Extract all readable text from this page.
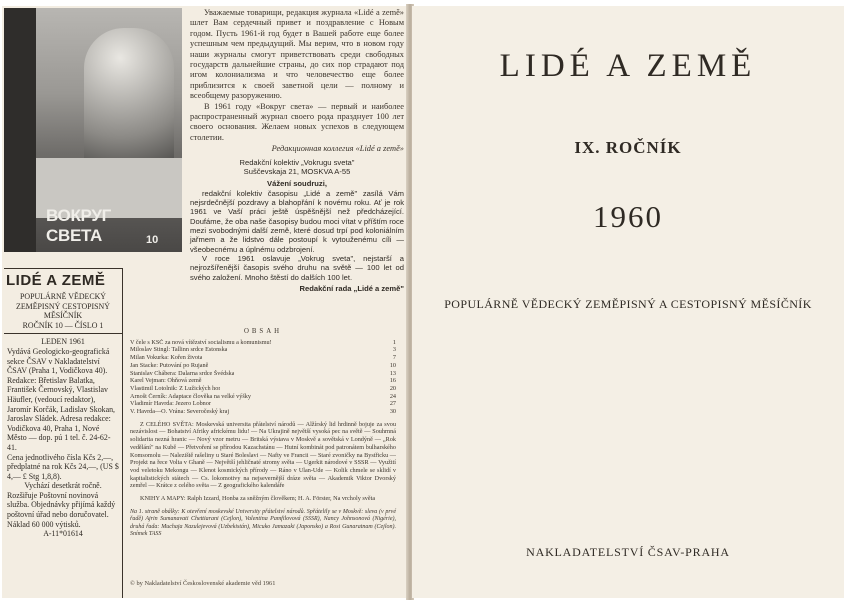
ВОКРУГ СВЕТА	10

Уважаемые товарищи, редакция журнала «Lidé a země» шлет Вам сердечный привет и поздравление с Новым годом. Пусть 1961-й год будет в Вашей работе еще более успешным чем предыдущий. Мы верим, что в новом году наши журналы смогут приветствовать среди свободных государств дальнейшие страны, до сих пор страдают под игом колониализма и что человечество еще более приблизится к своей заветной цели — полному и всеобщему разоружению.

В 1961 году «Вокруг света» — первый и наиболее распространенный журнал своего рода празднует 100 лет своего основания. Желаем новых успехов в следующем столетии.

Редакционная коллегия «Lidé a země»

Redakční kolektiv „Vokrugu sveta"

Suščevskaja 21, MOSKVA A-55

Vážení soudruzi,

redakční kolektiv časopisu „Lidé a země" zasílá Vám nejsrdečnější pozdravy a blahopřání k novému roku. Ať je rok 1961 ve Vaší práci ještě úspěšnější než předcházející. Doufáme, že oba naše časopisy budou moci vítat v příštím roce mezi svobodnými další země, které dosud trpí pod koloniálním jařmem a že lidstvo dále postoupí k vytouženému cíli — všeobecnému a úplnému odzbrojení.

V roce 1961 oslavuje „Vokrug sveta", nejstarší a nejrozšířenější časopis svého druhu na světě — 100 let od svého založení. Mnoho štěstí do dalších 100 let.

Redakční rada „Lidé a země"

LIDÉ A ZEMĚ
POPULÁRNĚ VĚDECKÝ ZEMĚPISNÝ CESTOPISNÝ MĚSÍČNÍK
ROČNÍK 10 — ČÍSLO 1
LEDEN 1961
Vydává Geologicko-geografická sekce ČSAV v Nakladatelství ČSAV (Praha 1, Vodičkova 40). Redakce: Břetislav Balatka, František Černovský, Vlastislav Häufler, (vedoucí redaktor), Jaromír Korčák, Ladislav Skokan, Jaroslav Sládek. Adresa redakce: Vodičkova 40, Praha 1, Nové Město — dop. pú 1 tel. č. 24-62-41.
Cena jednotlivého čísla Kčs 2,—, předplatné na rok Kčs 24,—, (US $ 4,— £ Stg 1,8,8).
Vychází desetkrát ročně.
Rozšiřuje Poštovní novinová služba. Objednávky přijímá každý poštovní úřad nebo doručovatel. Náklad 60 000 výtisků.
A-11*01614
OBSAH
V čele s KSČ za nová vítězství socialismu a komunismu!	1
Miloslav Stingl: Tallinn srdce Estonska	3
Milan Vokurka: Kořen života	7
Jan Stacke: Putování po Rujaně	10
Stanislav Chábera: Dalarna srdce Švédska	13
Karel Vejman: Ohňová země	16
Vlastimil Lotolnik: Z Lužických hor	20
Arnošt Černík: Adaptace člověka na velké výšky	24
Vladimír Havrda: Jezero Lobnor	27
V. Havrda—O. Vrána: Severočeský kraj	30
Z CELÉHO SVĚTA: Moskevská universita přátelství národů — Alžírský lid hrdinně bojuje za svou nezávislost — Bohatství Afriky africkému lidu! — Na Ukrajině největší vysoká pec na světě — Souhrnná solidarita nezná hranic — Nový vzor metru — Britská výstava v Moskvě a sovětská v Londýně — „Rok vedělání" na Kubě — Přetvoření se přírodou Kazachstánu — Hutní kombinát pod patronátem bulharského Komsomolu — Naleziště rašeliny u Staré Boleslavi — Nafty ve Francii — Staré zvoničky na Bystřicku — Projekt na řece Volta v Ghaně — Největší jehličnaté stromy světa — Ugerkit národové v SSSR — Využití vod veletoku Mekongu — Klenot kosmických přírody — Ráno v Ulan-Ude — Kolik chmele se sklidí v kapitalistických státech — Cs. lokomotivy na nejsevernější dráze světa — Akademik Viktor Dvorský zemřel — Krátce z celého světa — Z geografického kalendáře
KNIHY A MAPY: Ralph Izzard, Honba za sněžným člověkem; H. A. Förster, Na vrcholy světa
Na 1. straně obálky: K otevření moskevské University přátelství národů. Spřátelily se v Moskvě: sleva (v prvé řadě) Ajrin Sumanavati Chettiarani (Cejlon), Valentina Pamfilovová (SSSR), Nancy Johnsonová (Nigérie), druhá řada: Muchaja Nazulejevová (Uzbekistán), Micuko Jamazaki (Japonsko) a Rosi Gunaratnam (Cejlon). Snímek TASS
© by Nakladatelství Československé akademie věd 1961
LIDÉ A ZEMĚ
IX. ROČNÍK
1960
POPULÁRNĚ VĚDECKÝ ZEMĚPISNÝ A CESTOPISNÝ MĚSÍČNÍK
NAKLADATELSTVÍ ČSAV-PRAHA
